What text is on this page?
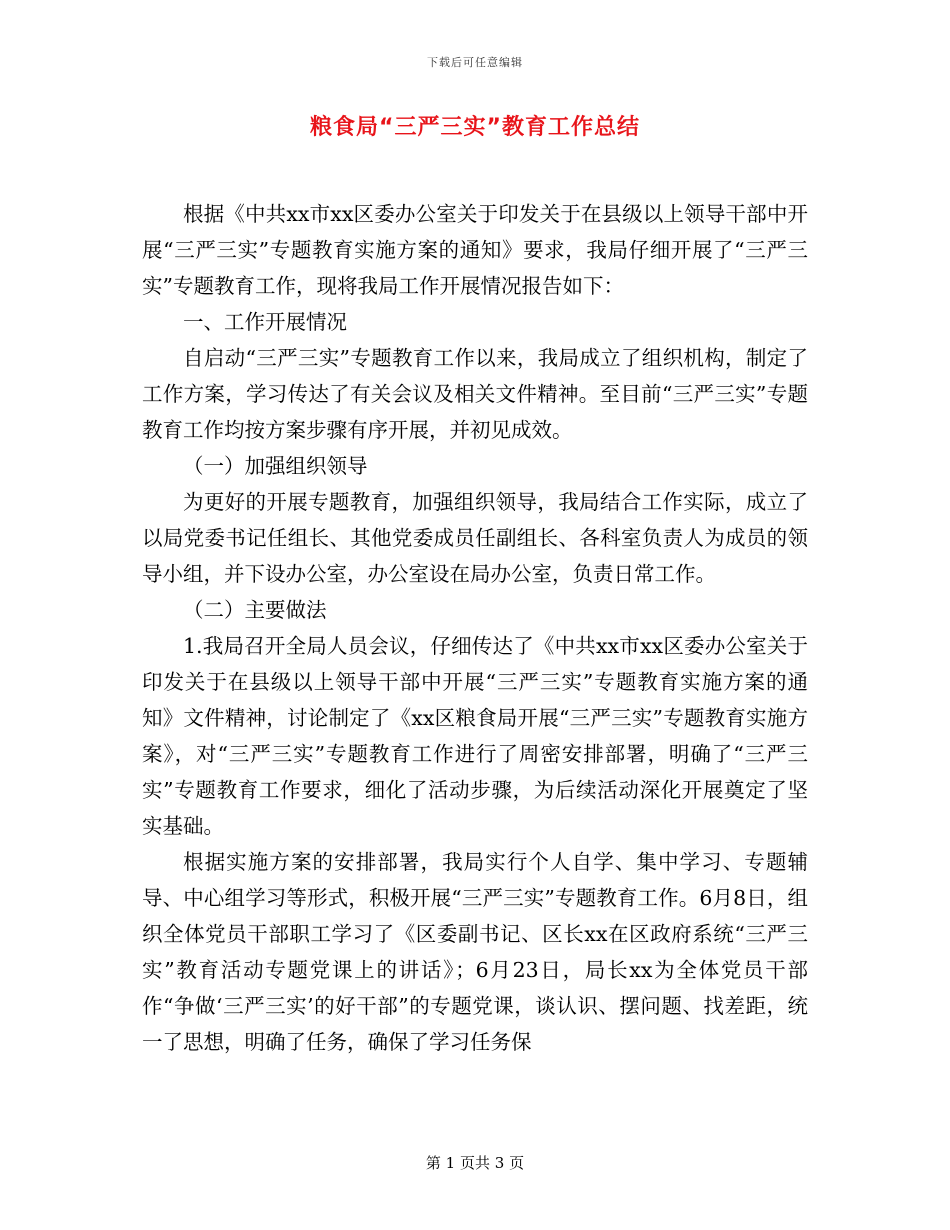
下载后可任意编辑
粮食局“三严三实”教育工作总结

根据《中共xx市xx区委办公室关于印发关于在县级以上领导干部中开展“三严三实”专题教育实施方案的通知》要求，我局仔细开展了“三严三实”专题教育工作，现将我局工作开展情况报告如下：

一、工作开展情况

自启动“三严三实”专题教育工作以来，我局成立了组织机构，制定了工作方案，学习传达了有关会议及相关文件精神。至目前“三严三实”专题教育工作均按方案步骤有序开展，并初见成效。

（一）加强组织领导

为更好的开展专题教育，加强组织领导，我局结合工作实际，成立了以局党委书记任组长、其他党委成员任副组长、各科室负责人为成员的领导小组，并下设办公室，办公室设在局办公室，负责日常工作。

（二）主要做法

1.我局召开全局人员会议，仔细传达了《中共xx市xx区委办公室关于印发关于在县级以上领导干部中开展“三严三实”专题教育实施方案的通知》文件精神，讨论制定了《xx区粮食局开展“三严三实”专题教育实施方案》，对“三严三实”专题教育工作进行了周密安排部署，明确了“三严三实”专题教育工作要求，细化了活动步骤，为后续活动深化开展奠定了坚实基础。

根据实施方案的安排部署，我局实行个人自学、集中学习、专题辅导、中心组学习等形式，积极开展“三严三实”专题教育工作。6月8日，组织全体党员干部职工学习了《区委副书记、区长xx在区政府系统“三严三实”教育活动专题党课上的讲话》；6月23日，局长xx为全体党员干部作“争做‘三严三实’的好干部”的专题党课，谈认识、摆问题、找差距，统一了思想，明确了任务，确保了学习任务保

第 1 页共 3 页
